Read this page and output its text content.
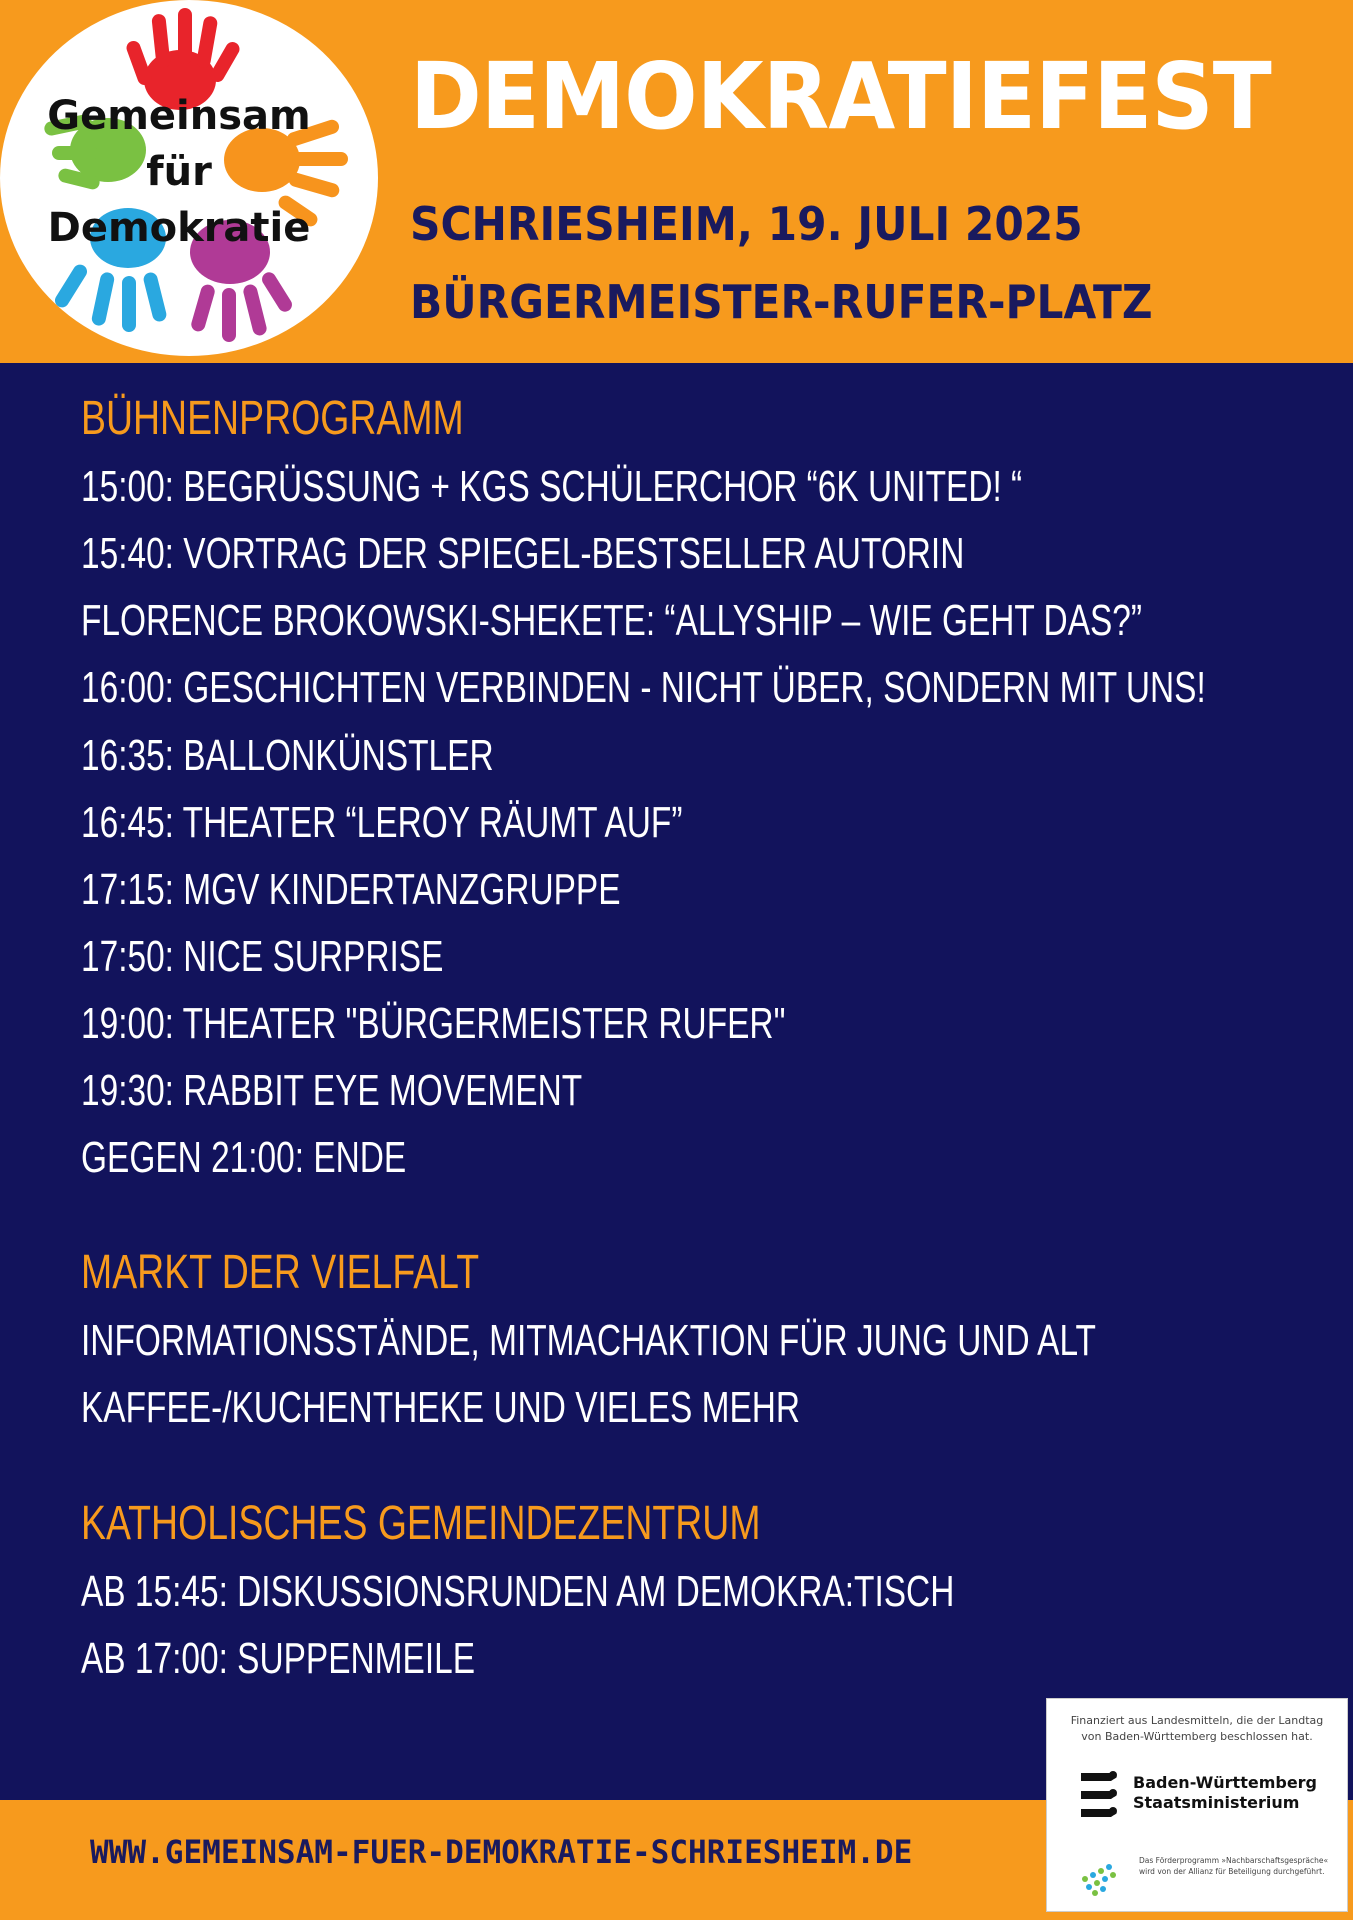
Gemeinsam
für
Demokratie
DEMOKRATIEFEST
SCHRIESHEIM, 19. JULI 2025
BÜRGERMEISTER-RUFER-PLATZ
BÜHNENPROGRAMM
15:00: BEGRÜSSUNG + KGS SCHÜLERCHOR “6K UNITED! “
15:40: VORTRAG DER SPIEGEL-BESTSELLER AUTORIN
FLORENCE BROKOWSKI-SHEKETE: “ALLYSHIP – WIE GEHT DAS?”
16:00: GESCHICHTEN VERBINDEN - NICHT ÜBER, SONDERN MIT UNS!
16:35: BALLONKÜNSTLER
16:45: THEATER “LEROY RÄUMT AUF”
17:15: MGV KINDERTANZGRUPPE
17:50: NICE SURPRISE
19:00: THEATER "BÜRGERMEISTER RUFER"
19:30: RABBIT EYE MOVEMENT
GEGEN 21:00: ENDE
MARKT DER VIELFALT
INFORMATIONSSTÄNDE, MITMACHAKTION FÜR JUNG UND ALT
KAFFEE-/KUCHENTHEKE UND VIELES MEHR
KATHOLISCHES GEMEINDEZENTRUM
AB 15:45: DISKUSSIONSRUNDEN AM DEMOKRA:TISCH
AB 17:00: SUPPENMEILE
Finanziert aus Landesmitteln, die der Landtag
von Baden-Württemberg beschlossen hat.
Baden-Württemberg
Staatsministerium
Das Förderprogramm »Nachbarschaftsgespräche«
wird von der Allianz für Beteiligung durchgeführt.
WWW.GEMEINSAM-FUER-DEMOKRATIE-SCHRIESHEIM.DE
